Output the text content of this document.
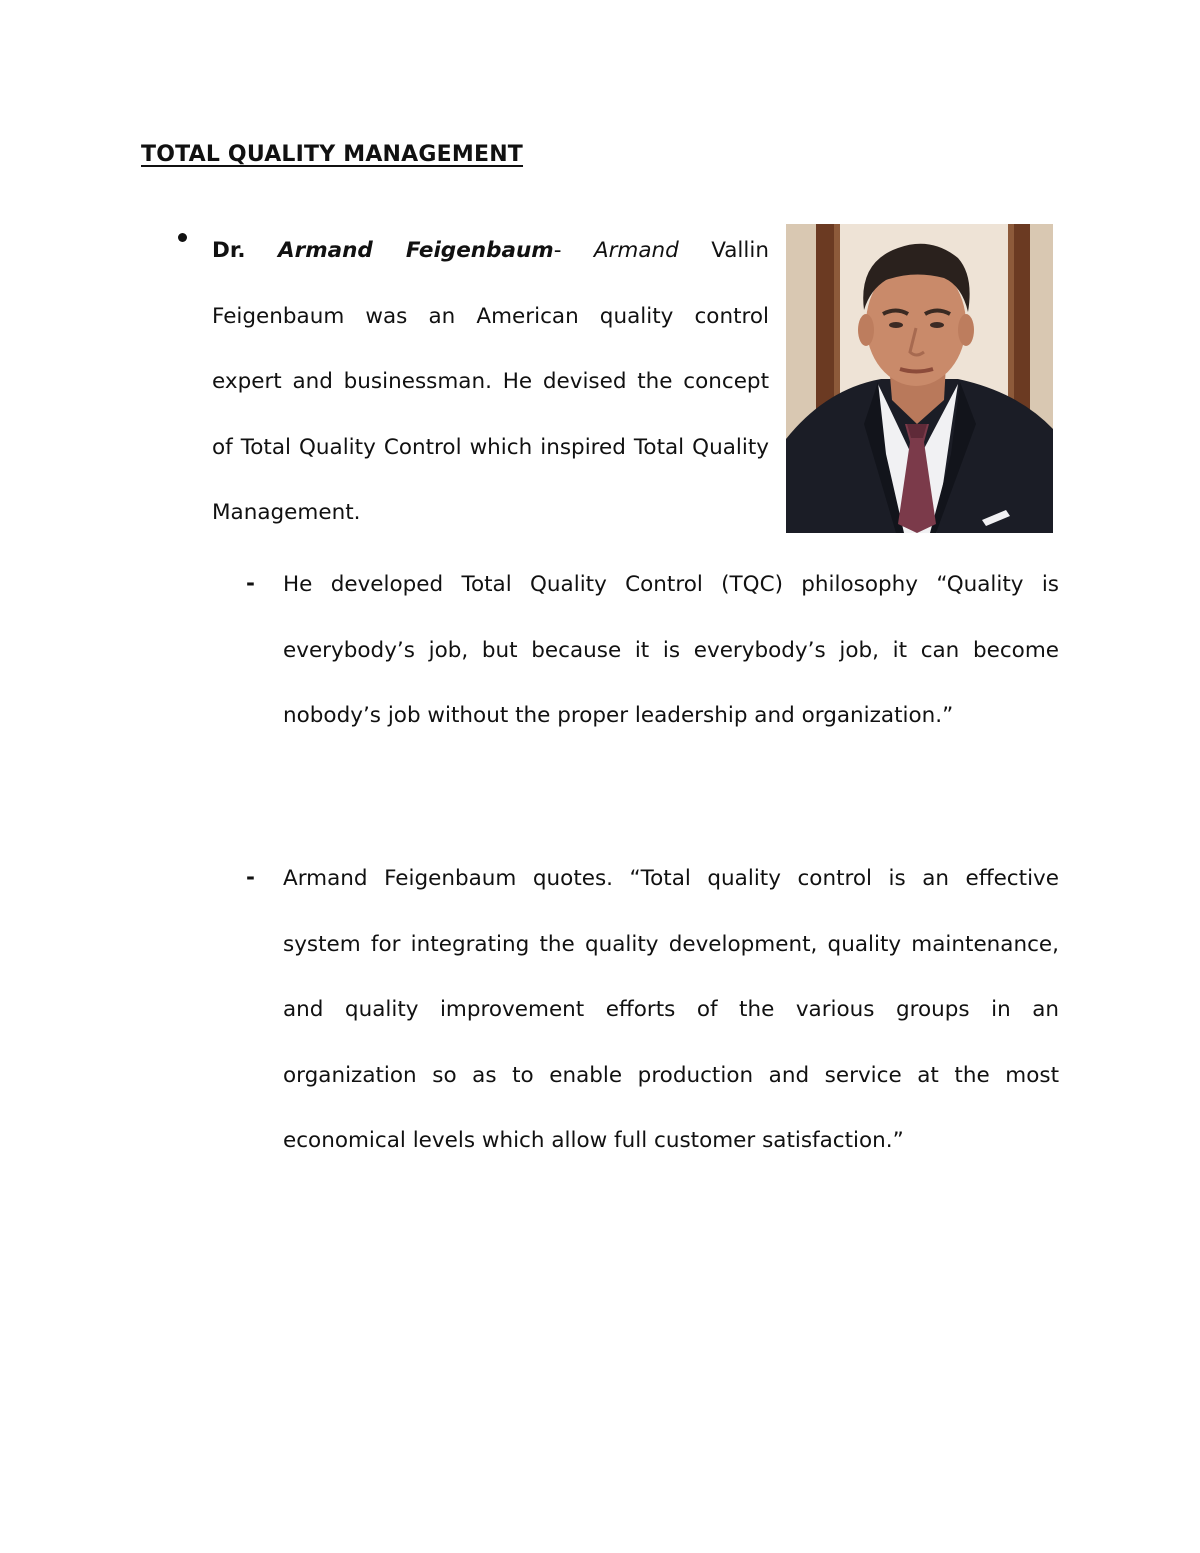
TOTAL QUALITY MANAGEMENT
Dr. Armand Feigenbaum- Armand Vallin Feigenbaum was an American quality control expert and businessman. He devised the concept of Total Quality Control which inspired Total Quality Management.
- He developed Total Quality Control (TQC) philosophy “Quality is everybody’s job, but because it is everybody’s job, it can become nobody’s job without the proper leadership and organization.”
- Armand Feigenbaum quotes. “Total quality control is an effective system for integrating the quality development, quality maintenance, and quality improvement efforts of the various groups in an organization so as to enable production and service at the most economical levels which allow full customer satisfaction.”
